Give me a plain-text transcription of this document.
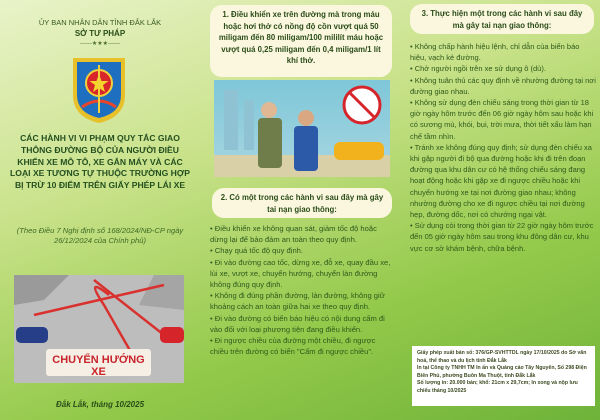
ỦY BAN NHÂN DÂN TỈNH ĐẮK LẮK
SỞ TƯ PHÁP
------★★★------
CÁC HÀNH VI VI PHẠM QUY TẮC GIAO THÔNG ĐƯỜNG BỘ CỦA NGƯỜI ĐIỀU KHIỂN XE MÔ TÔ, XE GẮN MÁY VÀ CÁC LOẠI XE TƯƠNG TỰ THUỘC TRƯỜNG HỢP BỊ TRỪ 10 ĐIỂM TRÊN GIẤY PHÉP LÁI XE
(Theo Điều 7 Nghị định số 168/2024/NĐ-CP ngày 26/12/2024 của Chính phủ)
CHUYỂN HƯỚNG XE
Đắk Lắk, tháng 10/2025
1. Điều khiển xe trên đường mà trong máu hoặc hơi thở có nồng độ cồn vượt quá 50 miligam đến 80 miligam/100 mililít máu hoặc vượt quá 0,25 miligam đến 0,4 miligam/1 lít khí thở.
2. Có một trong các hành vi sau đây mà gây tai nạn giao thông:

• Điều khiển xe không quan sát, giảm tốc độ hoặc dừng lại để bảo đảm an toàn theo quy định.

• Chạy quá tốc độ quy định.

• Đi vào đường cao tốc, dừng xe, đỗ xe, quay đầu xe, lùi xe, vượt xe, chuyển hướng, chuyển làn đường không đúng quy định.

• Không đi đúng phần đường, làn đường, không giữ khoảng cách an toàn giữa hai xe theo quy định.

• Đi vào đường có biển báo hiệu có nội dung cấm đi vào đối với loại phương tiện đang điều khiển.

• Đi ngược chiều của đường một chiều, đi ngược chiều trên đường có biển "Cấm đi ngược chiều".

3. Thực hiện một trong các hành vi sau đây mà gây tai nạn giao thông:

• Không chấp hành hiệu lệnh, chỉ dẫn của biển báo hiệu, vạch kẻ đường.

• Chở người ngồi trên xe sử dụng ô (dù).

• Không tuân thủ các quy định về nhường đường tại nơi đường giao nhau.

• Không sử dụng đèn chiếu sáng trong thời gian từ 18 giờ ngày hôm trước đến 06 giờ ngày hôm sau hoặc khi có sương mù, khói, bụi, trời mưa, thời tiết xấu làm hạn chế tầm nhìn.

• Tránh xe không đúng quy định; sử dụng đèn chiếu xa khi gặp người đi bộ qua đường hoặc khi đi trên đoạn đường qua khu dân cư có hệ thống chiếu sáng đang hoạt động hoặc khi gặp xe đi ngược chiều hoặc khi chuyển hướng xe tại nơi đường giao nhau; không nhường đường cho xe đi ngược chiều tại nơi đường hẹp, đường dốc, nơi có chướng ngại vật.

• Sử dụng còi trong thời gian từ 22 giờ ngày hôm trước đến 05 giờ ngày hôm sau trong khu đông dân cư, khu vực cơ sở khám bệnh, chữa bệnh.

Giấy phép xuất bản số: 376/GP-SVHTTDL ngày 17/10/2025 do Sở văn hoá, thể thao và du lịch tỉnh Đắk Lắk
In tại Công ty TNHH TM In ấn và Quảng cáo Tây Nguyên, Số 298 Điện Biên Phủ, phường Buôn Ma Thuột, tỉnh Đắk Lắk
Số lượng in: 20.000 bản; khổ: 21cm x 29,7cm; In xong và nộp lưu chiểu tháng 10/2025
